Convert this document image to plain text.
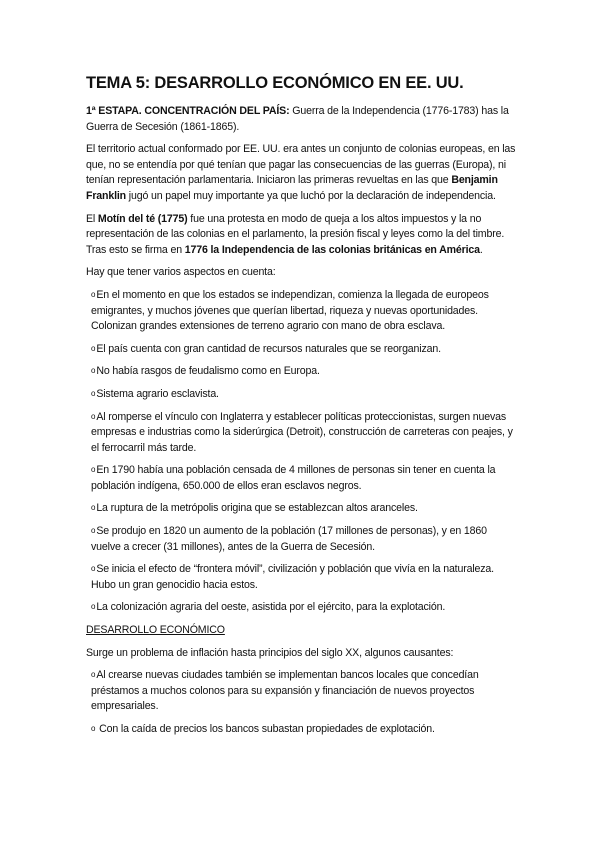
TEMA 5: DESARROLLO ECONÓMICO EN EE. UU.

1ª ESTAPA. CONCENTRACIÓN DEL PAÍS: Guerra de la Independencia (1776-1783) has la Guerra de Secesión (1861-1865).

El territorio actual conformado por EE. UU. era antes un conjunto de colonias europeas, en las que, no se entendía por qué tenían que pagar las consecuencias de las guerras (Europa), ni tenían representación parlamentaria. Iniciaron las primeras revueltas en las que Benjamin Franklin jugó un papel muy importante ya que luchó por la declaración de independencia.

El Motín del té (1775) fue una protesta en modo de queja a los altos impuestos y la no representación de las colonias en el parlamento, la presión fiscal y leyes como la del timbre. Tras esto se firma en 1776 la Independencia de las colonias británicas en América.

Hay que tener varios aspectos en cuenta:

oEn el momento en que los estados se independizan, comienza la llegada de europeos emigrantes, y muchos jóvenes que querían libertad, riqueza y nuevas oportunidades. Colonizan grandes extensiones de terreno agrario con mano de obra esclava.

oEl país cuenta con gran cantidad de recursos naturales que se reorganizan.

oNo había rasgos de feudalismo como en Europa.

oSistema agrario esclavista.

oAl romperse el vínculo con Inglaterra y establecer políticas proteccionistas, surgen nuevas empresas e industrias como la siderúrgica (Detroit), construcción de carreteras con peajes, y el ferrocarril más tarde.

oEn 1790 había una población censada de 4 millones de personas sin tener en cuenta la población indígena, 650.000 de ellos eran esclavos negros.

oLa ruptura de la metrópolis origina que se establezcan altos aranceles.

oSe produjo en 1820 un aumento de la población (17 millones de personas), y en 1860 vuelve a crecer (31 millones), antes de la Guerra de Secesión.

oSe inicia el efecto de “frontera móvil”, civilización y población que vivía en la naturaleza. Hubo un gran genocidio hacia estos.

oLa colonización agraria del oeste, asistida por el ejército, para la explotación.

DESARROLLO ECONÓMICO

Surge un problema de inflación hasta principios del siglo XX, algunos causantes:

oAl crearse nuevas ciudades también se implementan bancos locales que concedían préstamos a muchos colonos para su expansión y financiación de nuevos proyectos empresariales.

o Con la caída de precios los bancos subastan propiedades de explotación.
